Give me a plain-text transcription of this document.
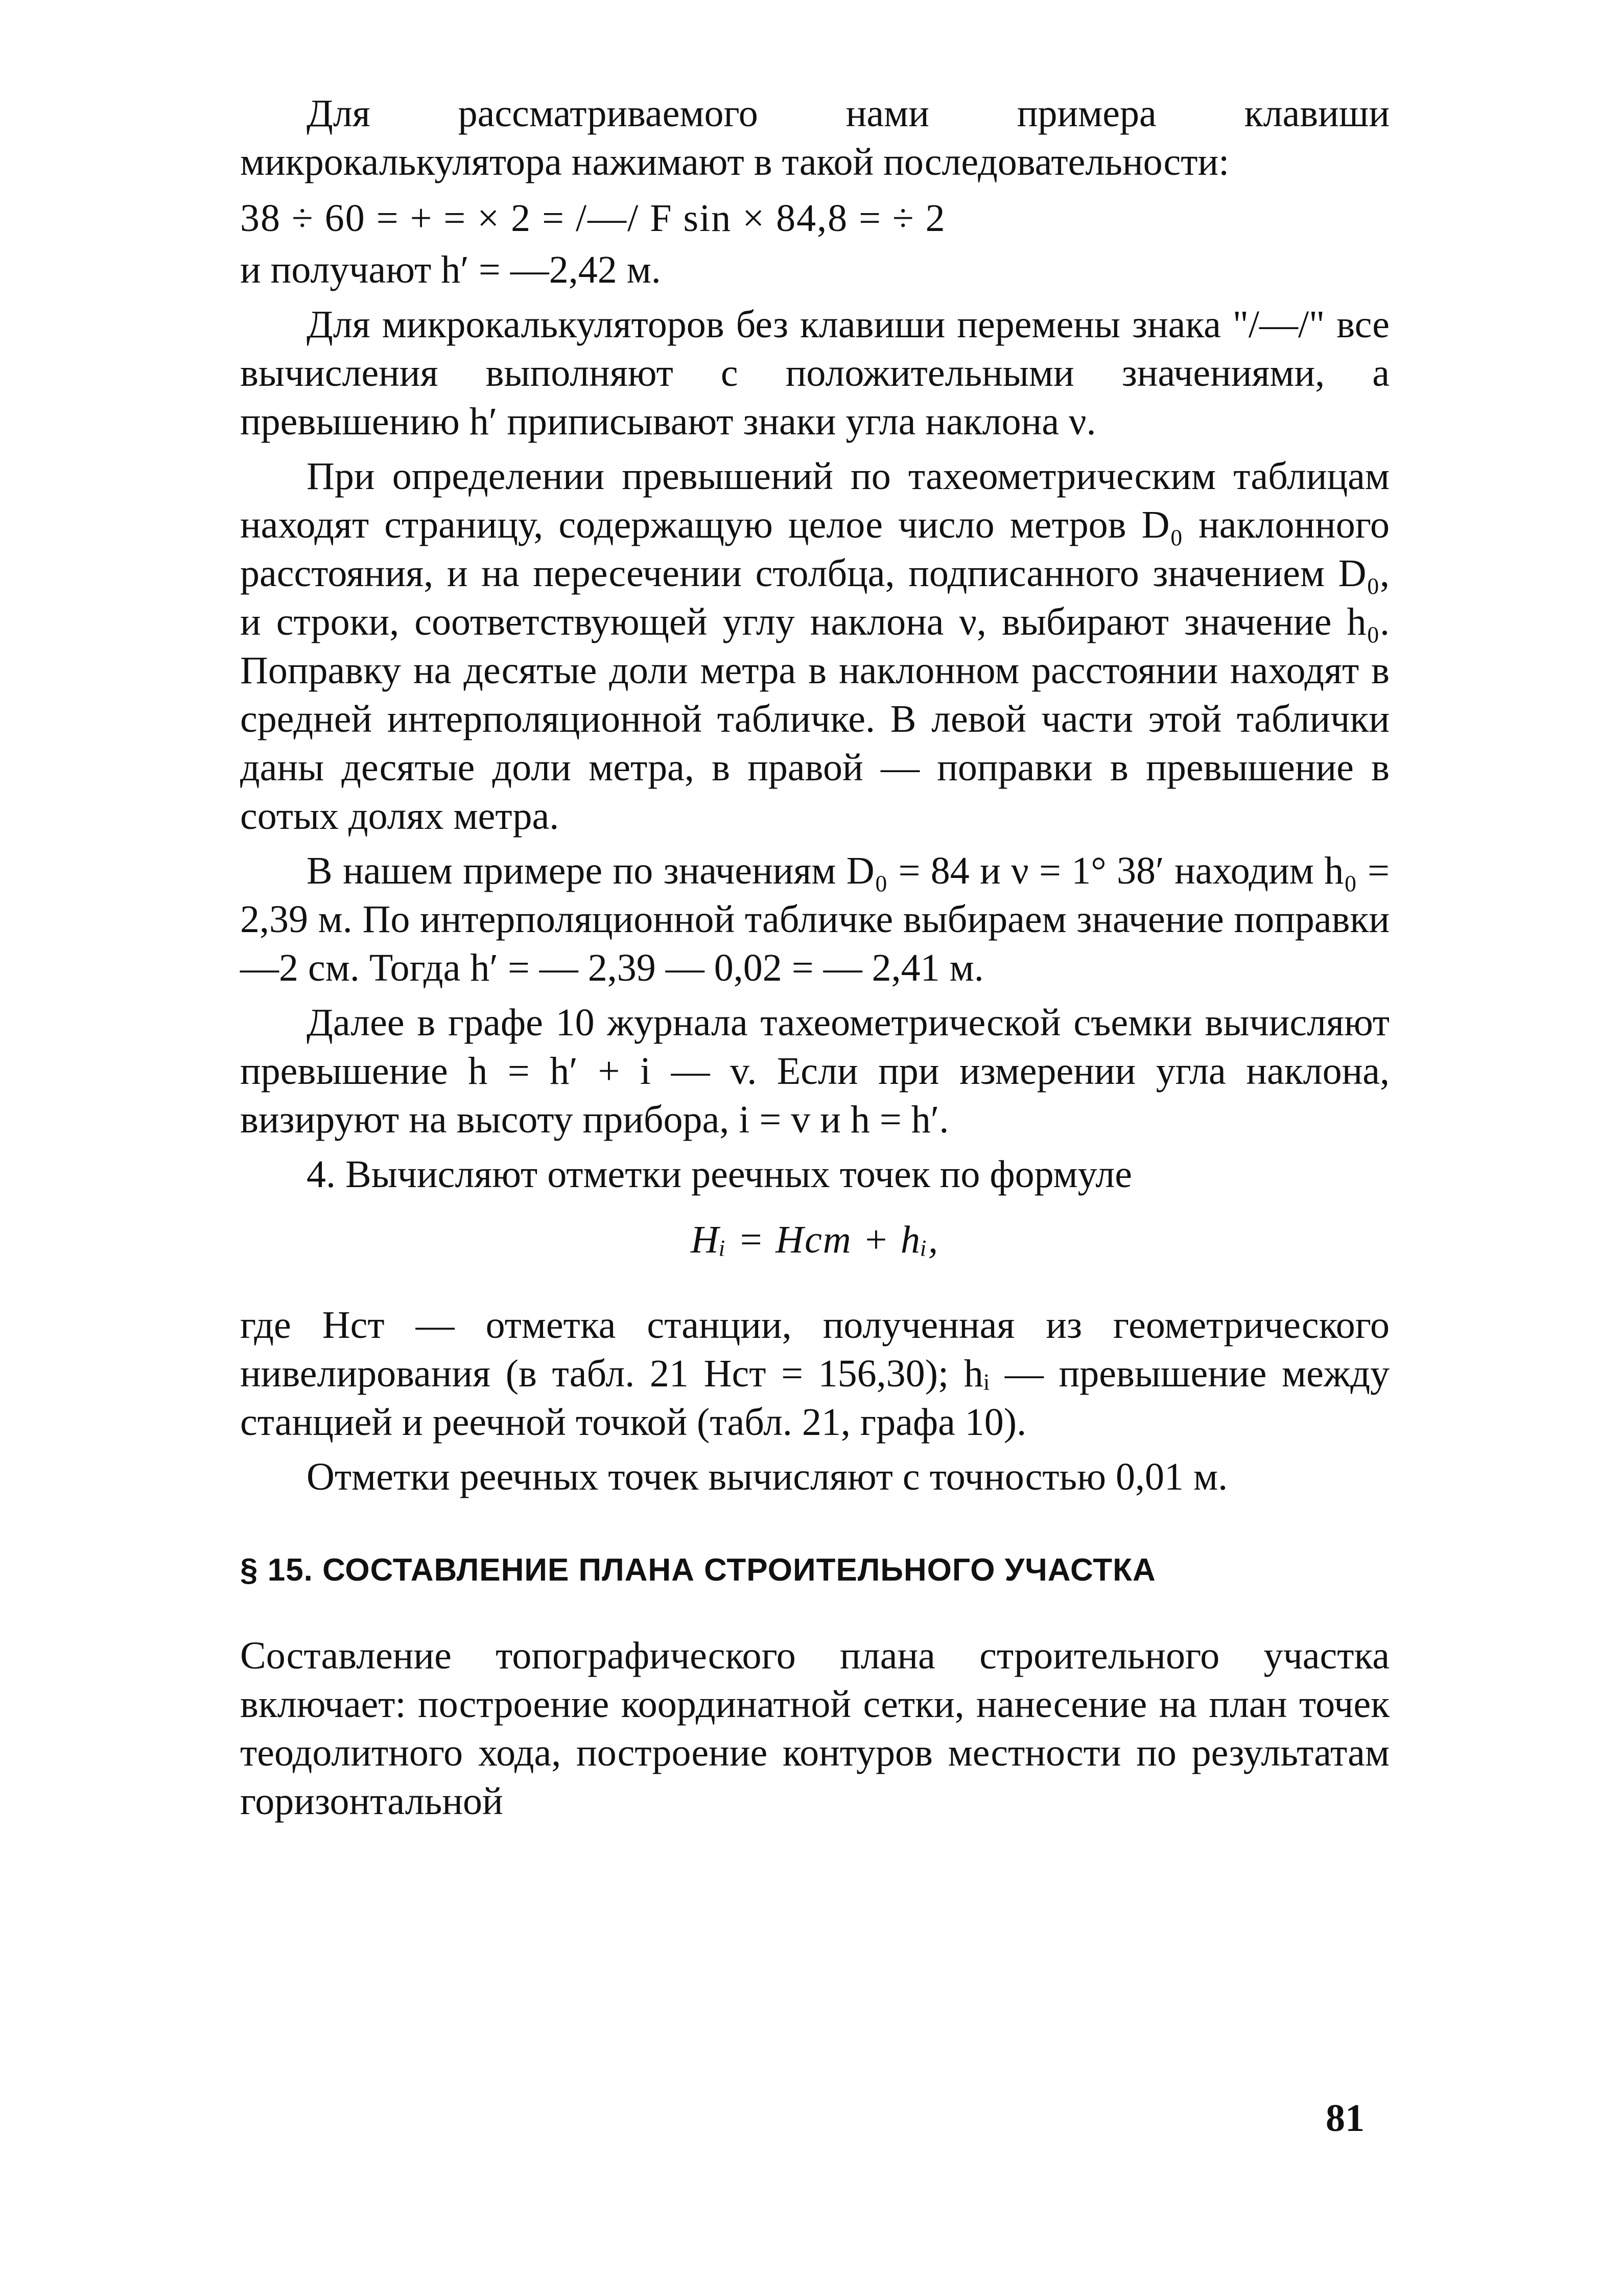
Для рассматриваемого нами примера клавиши микрокалькулятора нажимают в такой последовательности:

38 ÷ 60 = + = × 2 = /—/ F sin × 84,8 = ÷ 2

и получают h′ = —2,42 м.

Для микрокалькуляторов без клавиши перемены знака "/—/" все вычисления выполняют с положительными значениями, а превышению h′ приписывают знаки угла наклона ν.

При определении превышений по тахеометрическим таблицам находят страницу, содержащую целое число метров D₀ наклонного расстояния, и на пересечении столбца, подписанного значением D₀, и строки, соответствующей углу наклона ν, выбирают значение h₀. Поправку на десятые доли метра в наклонном расстоянии находят в средней интерполяционной табличке. В левой части этой таблички даны десятые доли метра, в правой — поправки в превышение в сотых долях метра.

В нашем примере по значениям D₀ = 84 и ν = 1° 38′ находим h₀ = 2,39 м. По интерполяционной табличке выбираем значение поправки —2 см. Тогда h′ = — 2,39 — 0,02 = — 2,41 м.

Далее в графе 10 журнала тахеометрической съемки вычисляют превышение h = h′ + i — v. Если при измерении угла наклона, визируют на высоту прибора, i = v и h = h′.

4. Вычисляют отметки реечных точек по формуле

Hᵢ = Hст + hᵢ,

где Hст — отметка станции, полученная из геометрического нивелирования (в табл. 21 Hст = 156,30); hᵢ — превышение между станцией и реечной точкой (табл. 21, графа 10).

Отметки реечных точек вычисляют с точностью 0,01 м.

§ 15. СОСТАВЛЕНИЕ ПЛАНА СТРОИТЕЛЬНОГО УЧАСТКА

Составление топографического плана строительного участка включает: построение координатной сетки, нанесение на план точек теодолитного хода, построение контуров местности по результатам горизонтальной

81
